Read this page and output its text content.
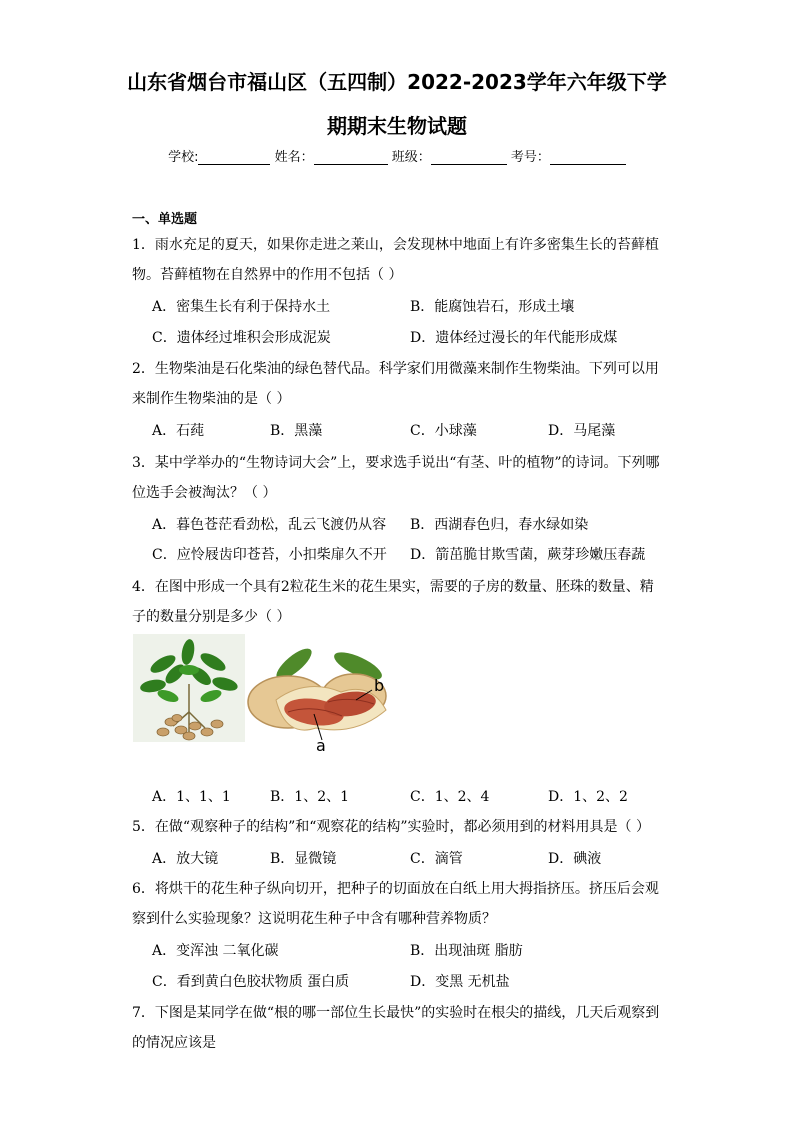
山东省烟台市福山区（五四制）2022-2023学年六年级下学
期期末生物试题
学校:	姓名：	班级：	考号：
一、单选题
1．雨水充足的夏天，如果你走进之莱山，会发现林中地面上有许多密集生长的苔藓植
物。苔藓植物在自然界中的作用不包括（ ）
A．密集生长有利于保持水土	B．能腐蚀岩石，形成土壤
C．遗体经过堆积会形成泥炭	D．遗体经过漫长的年代能形成煤
2．生物柴油是石化柴油的绿色替代品。科学家们用微藻来制作生物柴油。下列可以用
来制作生物柴油的是（ ）
A．石莼	B．黑藻	C．小球藻	D．马尾藻
3．某中学举办的“生物诗词大会”上，要求选手说出“有茎、叶的植物”的诗词。下列哪
位选手会被淘汰？（ ）
A．暮色苍茫看劲松，乱云飞渡仍从容 B．西湖春色归，春水绿如染
C．应怜屐齿印苍苔，小扣柴扉久不开 D．箭茁脆甘欺雪菌，蕨芽珍嫩压春蔬
4．在图中形成一个具有2粒花生米的花生果实，需要的子房的数量、胚珠的数量、精
子的数量分别是多少（ ）
b
a
A．1、1、1	B．1、2、1	C．1、2、4	D．1、2、2
5．在做“观察种子的结构”和“观察花的结构”实验时，都必须用到的材料用具是（ ）
A．放大镜	B．显微镜	C．滴管	D．碘液
6．将烘干的花生种子纵向切开，把种子的切面放在白纸上用大拇指挤压。挤压后会观
察到什么实验现象？这说明花生种子中含有哪种营养物质？
A．变浑浊 二氧化碳	B．出现油斑 脂肪
C．看到黄白色胶状物质 蛋白质	D．变黑 无机盐
7．下图是某同学在做“根的哪一部位生长最快”的实验时在根尖的描线，几天后观察到
的情况应该是
